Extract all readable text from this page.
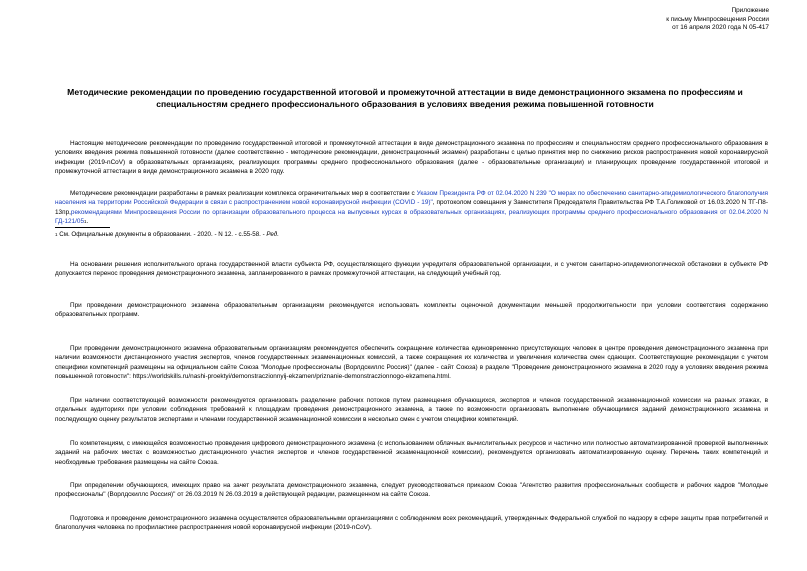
Приложение
к письму Минпросвещения России
от 16 апреля 2020 года N 05-417
Методические рекомендации по проведению государственной итоговой и промежуточной аттестации в виде демонстрационного экзамена по профессиям и специальностям среднего профессионального образования в условиях введения режима повышенной готовности
Настоящие методические рекомендации по проведению государственной итоговой и промежуточной аттестации в виде демонстрационного экзамена по профессиям и специальностям среднего профессионального образования в условиях введения режима повышенной готовности (далее соответственно - методические рекомендации, демонстрационный экзамен) разработаны с целью принятия мер по снижению рисков распространения новой коронавирусной инфекции (2019-nCoV) в образовательных организациях, реализующих программы среднего профессионального образования (далее - образовательные организации) и планирующих проведение государственной итоговой и промежуточной аттестации в виде демонстрационного экзамена в 2020 году.
Методические рекомендации разработаны в рамках реализации комплекса ограничительных мер в соответствии с Указом Президента РФ от 02.04.2020 N 239 "О мерах по обеспечению санитарно-эпидемиологического благополучия населения на территории Российской Федерации в связи с распространением новой коронавирусной инфекции (COVID - 19)", протоколом совещания у Заместителя Председателя Правительства РФ Т.А.Голиковой от 16.03.2020 N ТГ-П8-13пр,рекомендациями Минпросвещения России по организации образовательного процесса на выпускных курсах в образовательных организациях, реализующих программы среднего профессионального образования от 02.04.2020 N ГД-121/05$^1$.
$^1$ См. Официальные документы в образовании. - 2020. - N 12. - с.55-58. - Ред.
На основании решения исполнительного органа государственной власти субъекта РФ, осуществляющего функции учредителя образовательной организации, и с учетом санитарно-эпидемиологической обстановки в субъекте РФ допускается перенос проведения демонстрационного экзамена, запланированного в рамках промежуточной аттестации, на следующий учебный год.
При проведении демонстрационного экзамена образовательным организациям рекомендуется использовать комплекты оценочной документации меньшей продолжительности при условии соответствия содержанию образовательных программ.
При проведении демонстрационного экзамена образовательным организациям рекомендуется обеспечить сокращение количества единовременно присутствующих человек в центре проведения демонстрационного экзамена при наличии возможности дистанционного участия экспертов, членов государственных экзаменационных комиссий, а также сокращения их количества и увеличения количества смен сдающих. Соответствующие рекомендации с учетом специфики компетенций размещены на официальном сайте Союза "Молодые профессионалы (Ворлдскиллс Россия)" (далее - сайт Союза) в разделе "Проведение демонстрационного экзамена в 2020 году в условиях введения режима повышенной готовности": https://worldskills.ru/nashi-proektyi/demonstraczionnyij-ekzamen/priznanie-demonstraczionnogo-ekzamena.html.
При наличии соответствующей возможности рекомендуется организовать разделение рабочих потоков путем размещения обучающихся, экспертов и членов государственной экзаменационной комиссии на разных этажах, в отдельных аудиториях при условии соблюдения требований к площадкам проведения демонстрационного экзамена, а также по возможности организовать выполнение обучающимися заданий демонстрационного экзамена и последующую оценку результатов экспертами и членами государственной экзаменационной комиссии в несколько смен с учетом специфики компетенций.
По компетенциям, с имеющейся возможностью проведения цифрового демонстрационного экзамена (с использованием облачных вычислительных ресурсов и частично или полностью автоматизированной проверкой выполненных заданий на рабочих местах с возможностью дистанционного участия экспертов и членов государственной экзаменационной комиссии), рекомендуется организовать автоматизированную оценку. Перечень таких компетенций и необходимые требования размещены на сайте Союза.
При определении обучающихся, имеющих право на зачет результата демонстрационного экзамена, следует руководствоваться приказом Союза "Агентство развития профессиональных сообществ и рабочих кадров "Молодые профессионалы" (Ворлдскиллс Россия)" от 26.03.2019 N 26.03.2019 в действующей редакции, размещенном на сайте Союза.
Подготовка и проведение демонстрационного экзамена осуществляется образовательными организациями с соблюдением всех рекомендаций, утвержденных Федеральной службой по надзору в сфере защиты прав потребителей и благополучия человека по профилактике распространения новой коронавирусной инфекции (2019-nCoV).
